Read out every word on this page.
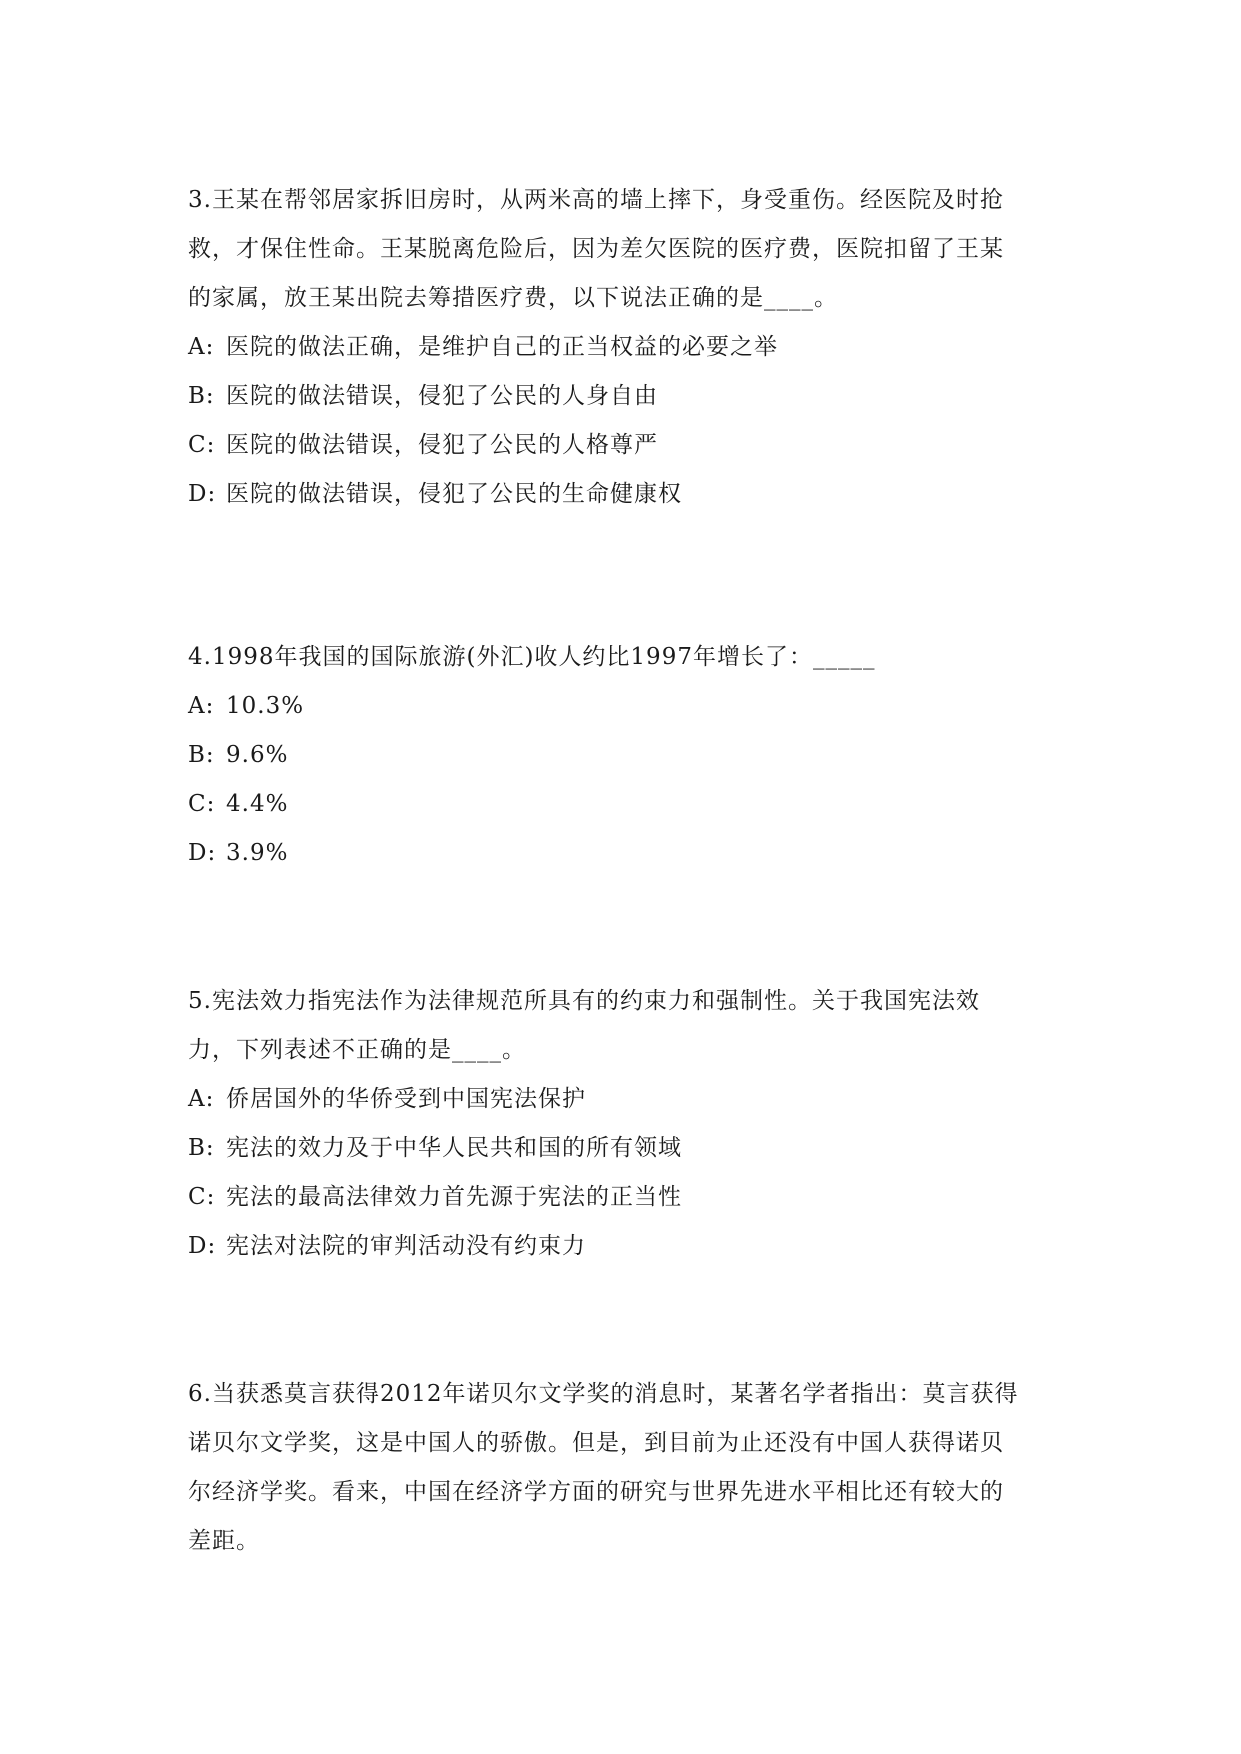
3.王某在帮邻居家拆旧房时，从两米高的墙上摔下，身受重伤。经医院及时抢
救，才保住性命。王某脱离危险后，因为差欠医院的医疗费，医院扣留了王某
的家属，放王某出院去筹措医疗费，以下说法正确的是____。
A: 医院的做法正确，是维护自己的正当权益的必要之举
B: 医院的做法错误，侵犯了公民的人身自由
C: 医院的做法错误，侵犯了公民的人格尊严
D: 医院的做法错误，侵犯了公民的生命健康权
4.1998年我国的国际旅游(外汇)收人约比1997年增长了：_____
A: 10.3%
B: 9.6%
C: 4.4%
D: 3.9%
5.宪法效力指宪法作为法律规范所具有的约束力和强制性。关于我国宪法效
力，下列表述不正确的是____。
A: 侨居国外的华侨受到中国宪法保护
B: 宪法的效力及于中华人民共和国的所有领域
C: 宪法的最高法律效力首先源于宪法的正当性
D: 宪法对法院的审判活动没有约束力
6.当获悉莫言获得2012年诺贝尔文学奖的消息时，某著名学者指出：莫言获得
诺贝尔文学奖，这是中国人的骄傲。但是，到目前为止还没有中国人获得诺贝
尔经济学奖。看来，中国在经济学方面的研究与世界先进水平相比还有较大的
差距。
